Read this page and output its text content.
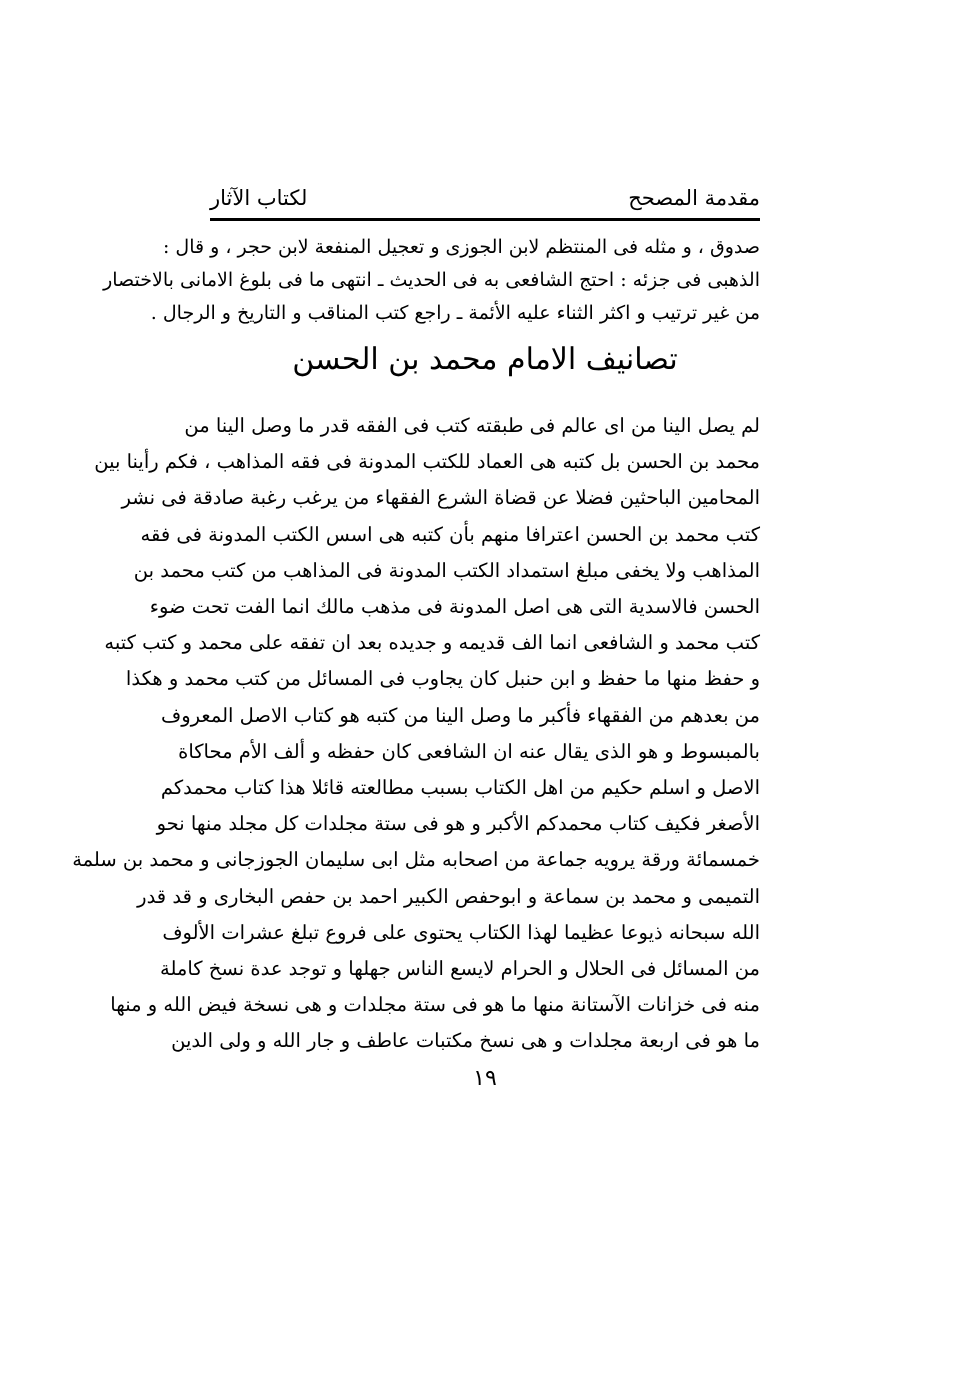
مقدمة المصحح
لكتاب الآثار
صدوق ، و مثله فى المنتظم لابن الجوزى و تعجيل المنفعة لابن حجر ، و قال :
الذهبى فى جزئه : احتج الشافعى به فى الحديث ـ انتهى ما فى بلوغ الامانى بالاختصار
من غير ترتيب و اكثر الثناء عليه الأئمة ـ راجع كتب المناقب و التاريخ و الرجال .
تصانيف الامام محمد بن الحسن
لم يصل الينا من اى عالم فى طبقته كتب فى الفقه قدر ما وصل الينا من
محمد بن الحسن بل كتبه هى العماد للكتب المدونة فى فقه المذاهب ، فكم رأينا بين
المحامين الباحثين فضلا عن قضاة الشرع الفقهاء من يرغب رغبة صادقة فى نشر
كتب محمد بن الحسن اعترافا منهم بأن كتبه هى اسس الكتب المدونة فى فقه
المذاهب ولا يخفى مبلغ استمداد الكتب المدونة فى المذاهب من كتب محمد بن
الحسن فالاسدية التى هى اصل المدونة فى مذهب مالك انما الفت تحت ضوء
كتب محمد و الشافعى انما الف قديمه و جديده بعد ان تفقه على محمد و كتب كتبه
و حفظ منها ما حفظ و ابن حنبل كان يجاوب فى المسائل من كتب محمد و هكذا
من بعدهم من الفقهاء فأكبر ما وصل الينا من كتبه هو كتاب الاصل المعروف
بالمبسوط و هو الذى يقال عنه ان الشافعى كان حفظه و ألف الأم محاكاة
الاصل و اسلم حكيم من اهل الكتاب بسبب مطالعته قائلا هذا كتاب محمدكم
الأصغر فكيف كتاب محمدكم الأكبر و هو فى ستة مجلدات كل مجلد منها نحو
خمسمائة ورقة يرويه جماعة من اصحابه مثل ابى سليمان الجوزجانى و محمد بن سلمة
التميمى و محمد بن سماعة و ابوحفص الكبير احمد بن حفص البخارى و قد قدر
الله سبحانه ذيوعا عظيما لهذا الكتاب يحتوى على فروع تبلغ عشرات الألوف
من المسائل فى الحلال و الحرام لايسع الناس جهلها و توجد عدة نسخ كاملة
منه فى خزانات الآستانة منها ما هو فى ستة مجلدات و هى نسخة فيض الله و منها
ما هو فى اربعة مجلدات و هى نسخ مكتبات عاطف و جار الله و ولى الدين
١٩
